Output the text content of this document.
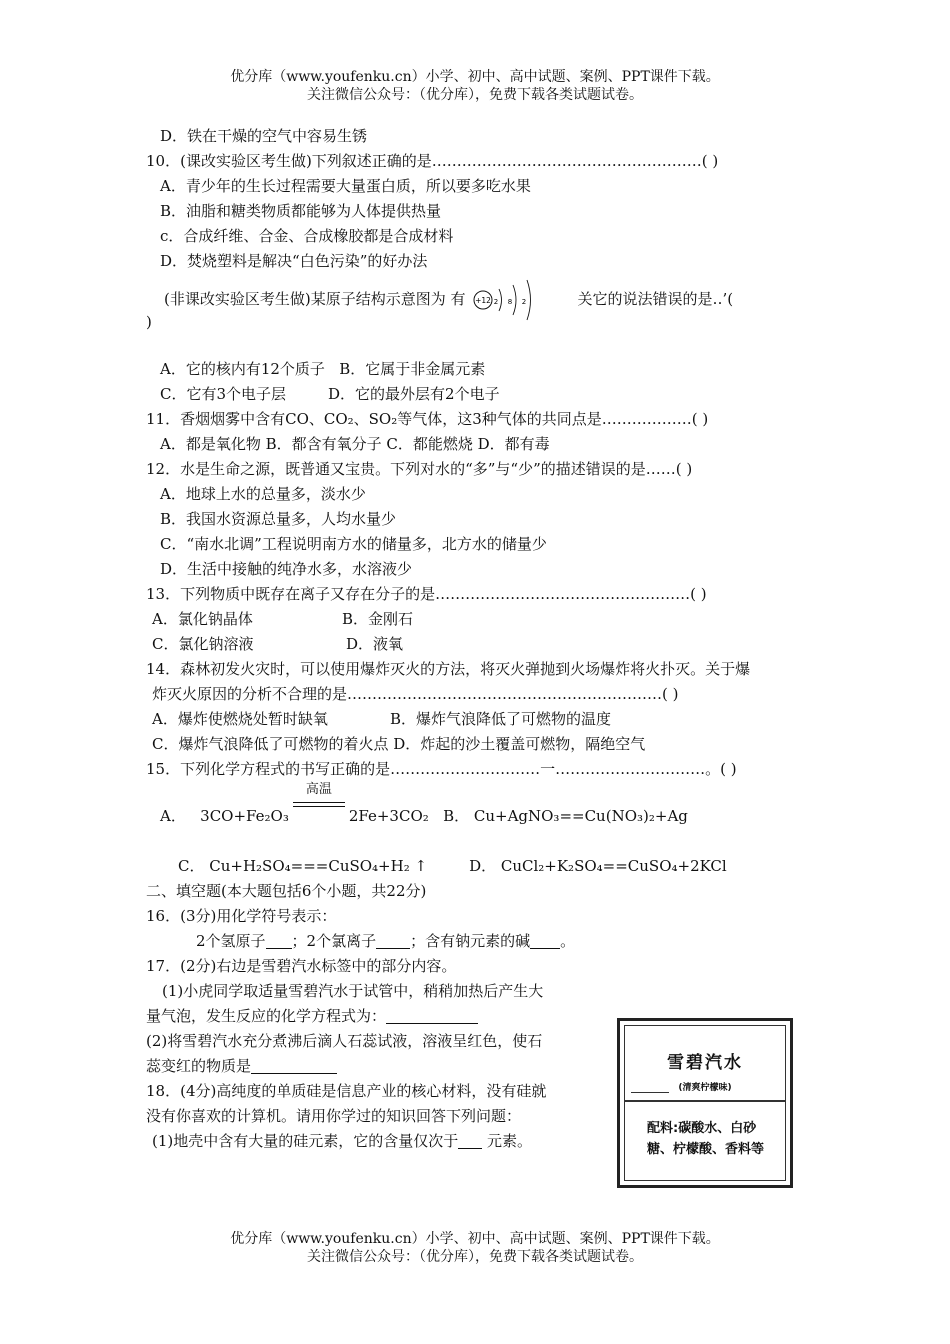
优分库（www.youfenku.cn）小学、初中、高中试题、案例、PPT课件下载。
关注微信公众号：（优分库），免费下载各类试题试卷。
D．铁在干燥的空气中容易生锈
10．(课改实验区考生做)下列叙述正确的是………………………………………………( )
A．青少年的生长过程需要大量蛋白质，所以要多吃水果
B．油脂和糖类物质都能够为人体提供热量
c．合成纤维、合金、合成橡胶都是合成材料
D．焚烧塑料是解决“白色污染”的好办法
(非课改实验区考生做)某原子结构示意图为 有 +12 2 8 2	关它的说法错误的是‥’(
)
A．它的核内有12个质子 B．它属于非金属元素
C．它有3个电子层	D．它的最外层有2个电子
11．香烟烟雾中含有CO、CO₂、SO₂等气体，这3种气体的共同点是………………( )
A．都是氧化物 B．都含有氧分子 C．都能燃烧 D．都有毒
12．水是生命之源，既普通又宝贵。下列对水的“多”与“少”的描述错误的是……( )
A．地球上水的总量多，淡水少
B．我国水资源总量多，人均水量少
C．“南水北调”工程说明南方水的储量多，北方水的储量少
D．生活中接触的纯净水多，水溶液少
13．下列物质中既存在离子又存在分子的是……………………………………………( )
A．氯化钠晶体	B．金刚石
C．氯化钠溶液	D．液氧
14．森林初发火灾时，可以使用爆炸灭火的方法，将灭火弹抛到火场爆炸将火扑灭。关于爆
炸灭火原因的分析不合理的是………………………………………………………( )
A．爆炸使燃烧处暂时缺氧	B．爆炸气浪降低了可燃物的温度
C．爆炸气浪降低了可燃物的着火点 D．炸起的沙土覆盖可燃物，隔绝空气
15．下列化学方程式的书写正确的是…………………………一…………………………。( )
A． 3CO+Fe₂O₃
高温
2Fe+3CO₂ B． Cu+AgNO₃==Cu(NO₃)₂+Ag
C． Cu+H₂SO₄===CuSO₄+H₂ ↑	D． CuCl₂+K₂SO₄==CuSO₄+2KCl
二、填空题(本大题包括6个小题，共22分)
16．(3分)用化学符号表示：
2个氢原子 ；2个氯离子 ；含有钠元素的碱 。
17．(2分)右边是雪碧汽水标签中的部分内容。
(1)小虎同学取适量雪碧汽水于试管中，稍稍加热后产生大
量气泡，发生反应的化学方程式为：
(2)将雪碧汽水充分煮沸后滴人石蕊试液，溶液呈红色，使石
蕊变红的物质是
18．(4分)高纯度的单质硅是信息产业的核心材料，没有硅就
没有你喜欢的计算机。请用你学过的知识回答下列问题：
(1)地壳中含有大量的硅元素，它的含量仅次于 元素。
雪碧汽水
(清爽柠檬味)
配料:碳酸水、白砂糖、柠檬酸、香料等
优分库（www.youfenku.cn）小学、初中、高中试题、案例、PPT课件下载。
关注微信公众号：（优分库），免费下载各类试题试卷。
